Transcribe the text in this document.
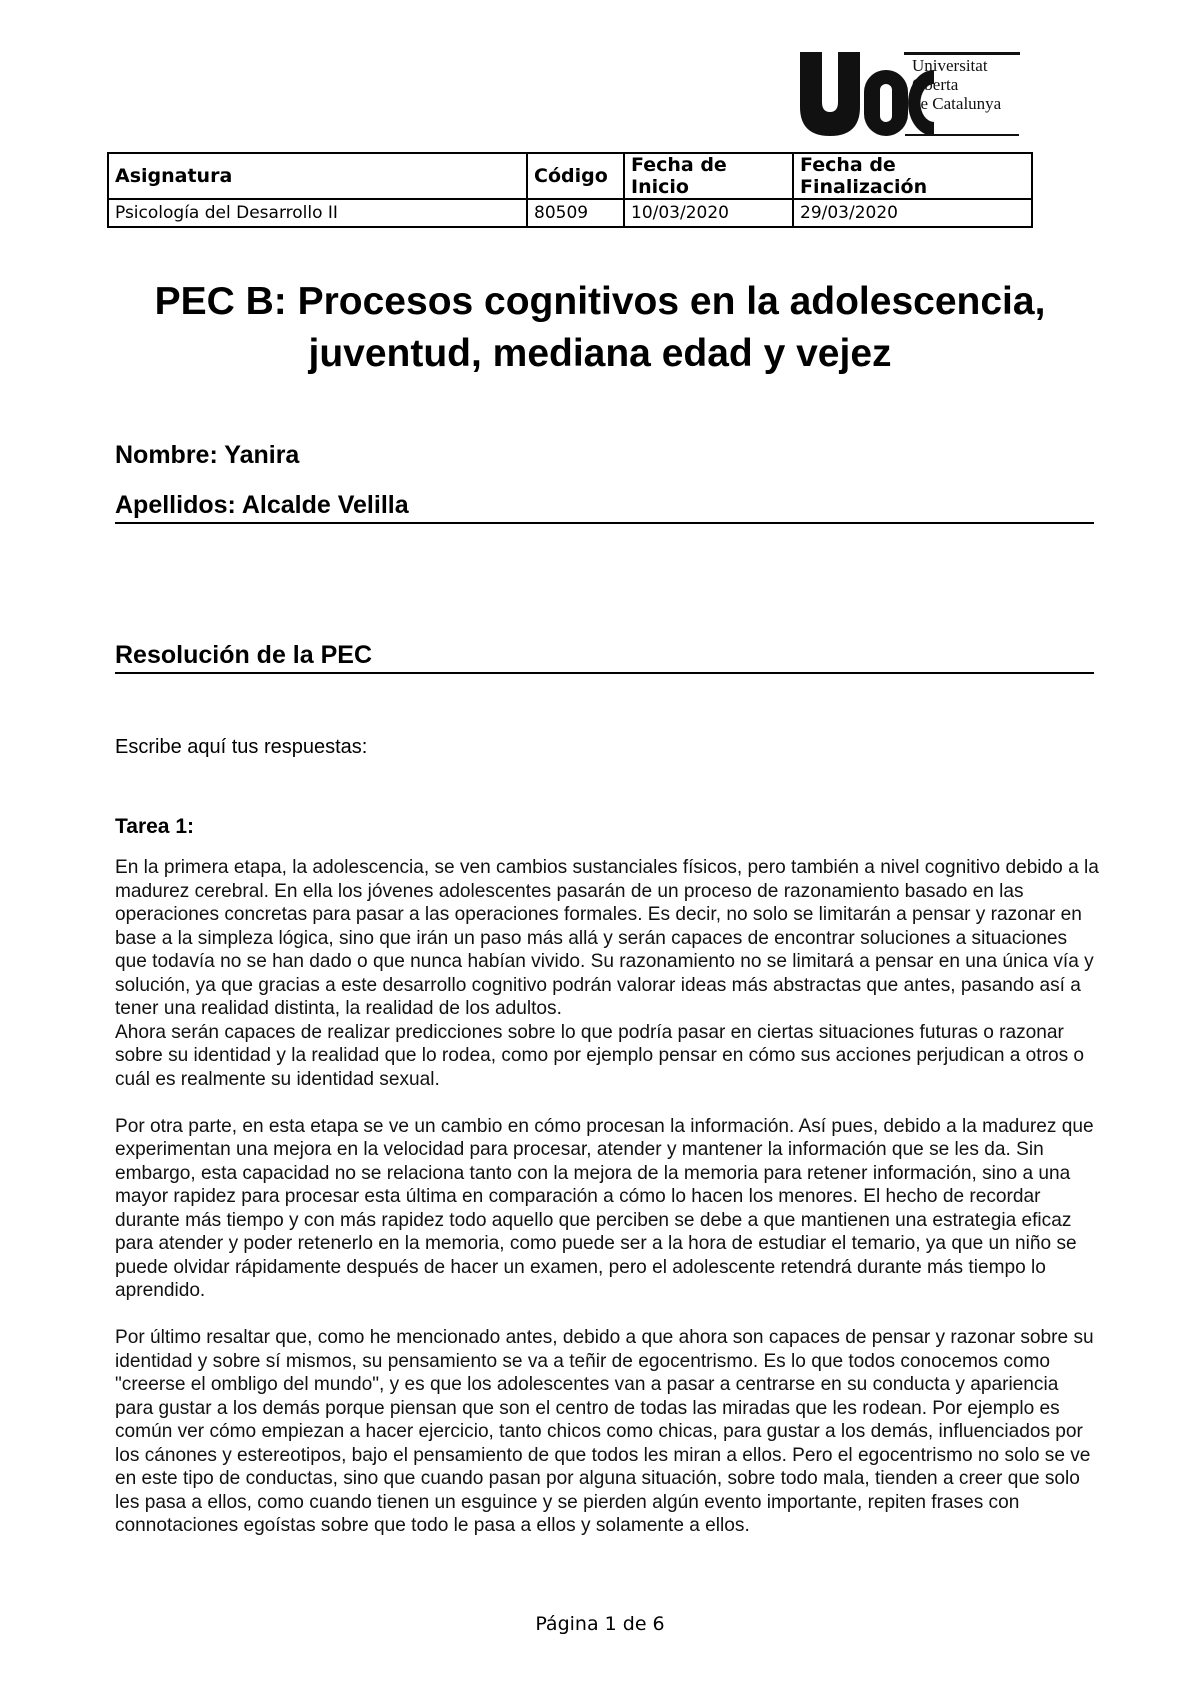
Universitat
Oberta
de Catalunya
Asignatura	Código	Fecha de Inicio	Fecha de Finalización
Psicología del Desarrollo II	80509	10/03/2020	29/03/2020
PEC B: Procesos cognitivos en la adolescencia, juventud, mediana edad y vejez
Nombre: Yanira
Apellidos: Alcalde Velilla
Resolución de la PEC
Escribe aquí tus respuestas:
Tarea 1:

En la primera etapa, la adolescencia, se ven cambios sustanciales físicos, pero también a nivel cognitivo debido a la madurez cerebral. En ella los jóvenes adolescentes pasarán de un proceso de razonamiento basado en las operaciones concretas para pasar a las operaciones formales. Es decir, no solo se limitarán a pensar y razonar en base a la simpleza lógica, sino que irán un paso más allá y serán capaces de encontrar soluciones a situaciones que todavía no se han dado o que nunca habían vivido. Su razonamiento no se limitará a pensar en una única vía y solución, ya que gracias a este desarrollo cognitivo podrán valorar ideas más abstractas que antes, pasando así a tener una realidad distinta, la realidad de los adultos.
Ahora serán capaces de realizar predicciones sobre lo que podría pasar en ciertas situaciones futuras o razonar sobre su identidad y la realidad que lo rodea, como por ejemplo pensar en cómo sus acciones perjudican a otros o cuál es realmente su identidad sexual.

Por otra parte, en esta etapa se ve un cambio en cómo procesan la información. Así pues, debido a la madurez que experimentan una mejora en la velocidad para procesar, atender y mantener la información que se les da. Sin embargo, esta capacidad no se relaciona tanto con la mejora de la memoria para retener información, sino a una mayor rapidez para procesar esta última en comparación a cómo lo hacen los menores. El hecho de recordar durante más tiempo y con más rapidez todo aquello que perciben se debe a que mantienen una estrategia eficaz para atender y poder retenerlo en la memoria, como puede ser a la hora de estudiar el temario, ya que un niño se puede olvidar rápidamente después de hacer un examen, pero el adolescente retendrá durante más tiempo lo aprendido.

Por último resaltar que, como he mencionado antes, debido a que ahora son capaces de pensar y razonar sobre su identidad y sobre sí mismos, su pensamiento se va a teñir de egocentrismo. Es lo que todos conocemos como "creerse el ombligo del mundo", y es que los adolescentes van a pasar a centrarse en su conducta y apariencia para gustar a los demás porque piensan que son el centro de todas las miradas que les rodean. Por ejemplo es común ver cómo empiezan a hacer ejercicio, tanto chicos como chicas, para gustar a los demás, influenciados por los cánones y estereotipos, bajo el pensamiento de que todos les miran a ellos. Pero el egocentrismo no solo se ve en este tipo de conductas, sino que cuando pasan por alguna situación, sobre todo mala, tienden a creer que solo les pasa a ellos, como cuando tienen un esguince y se pierden algún evento importante, repiten frases con connotaciones egoístas sobre que todo le pasa a ellos y solamente a ellos.

Página 1 de 6
